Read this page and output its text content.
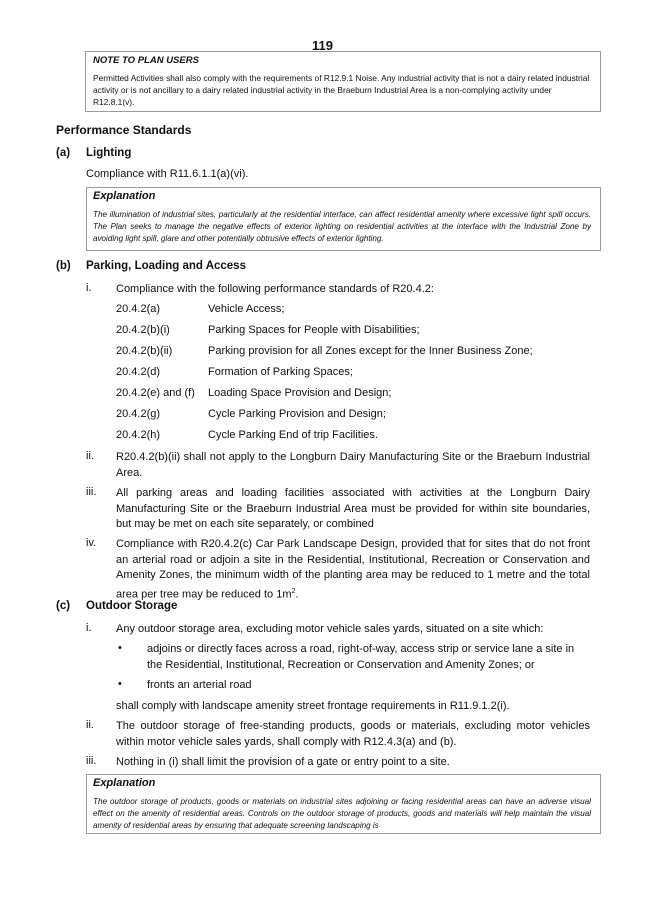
119
NOTE TO PLAN USERS
Permitted Activities shall also comply with the requirements of R12.9.1 Noise. Any industrial activity that is not a dairy related industrial activity or is not ancillary to a dairy related industrial activity in the Braeburn Industrial Area is a non-complying activity under R12.8.1(v).
Performance Standards
(a) Lighting
Compliance with R11.6.1.1(a)(vi).
Explanation
The illumination of industrial sites, particularly at the residential interface, can affect residential amenity where excessive light spill occurs. The Plan seeks to manage the negative effects of exterior lighting on residential activities at the interface with the Industrial Zone by avoiding light spill, glare and other potentially obtrusive effects of exterior lighting.
(b) Parking, Loading and Access
i. Compliance with the following performance standards of R20.4.2:
20.4.2(a)	Vehicle Access;
20.4.2(b)(i)	Parking Spaces for People with Disabilities;
20.4.2(b)(ii)	Parking provision for all Zones except for the Inner Business Zone;
20.4.2(d)	Formation of Parking Spaces;
20.4.2(e) and (f) Loading Space Provision and Design;
20.4.2(g)	Cycle Parking Provision and Design;
20.4.2(h)	Cycle Parking End of trip Facilities.
ii. R20.4.2(b)(ii) shall not apply to the Longburn Dairy Manufacturing Site or the Braeburn Industrial Area.
iii. All parking areas and loading facilities associated with activities at the Longburn Dairy Manufacturing Site or the Braeburn Industrial Area must be provided for within site boundaries, but may be met on each site separately, or combined
iv. Compliance with R20.4.2(c) Car Park Landscape Design, provided that for sites that do not front an arterial road or adjoin a site in the Residential, Institutional, Recreation or Conservation and Amenity Zones, the minimum width of the planting area may be reduced to 1 metre and the total area per tree may be reduced to $1m^2$.
(c) Outdoor Storage
i. Any outdoor storage area, excluding motor vehicle sales yards, situated on a site which:
• adjoins or directly faces across a road, right-of-way, access strip or service lane a site in the Residential, Institutional, Recreation or Conservation and Amenity Zones; or
• fronts an arterial road
shall comply with landscape amenity street frontage requirements in R11.9.1.2(i).
ii. The outdoor storage of free-standing products, goods or materials, excluding motor vehicles within motor vehicle sales yards, shall comply with R12.4.3(a) and (b).
iii. Nothing in (i) shall limit the provision of a gate or entry point to a site.
Explanation
The outdoor storage of products, goods or materials on industrial sites adjoining or facing residential areas can have an adverse visual effect on the amenity of residential areas. Controls on the outdoor storage of products, goods and materials will help maintain the visual amenity of residential areas by ensuring that adequate screening landscaping is
